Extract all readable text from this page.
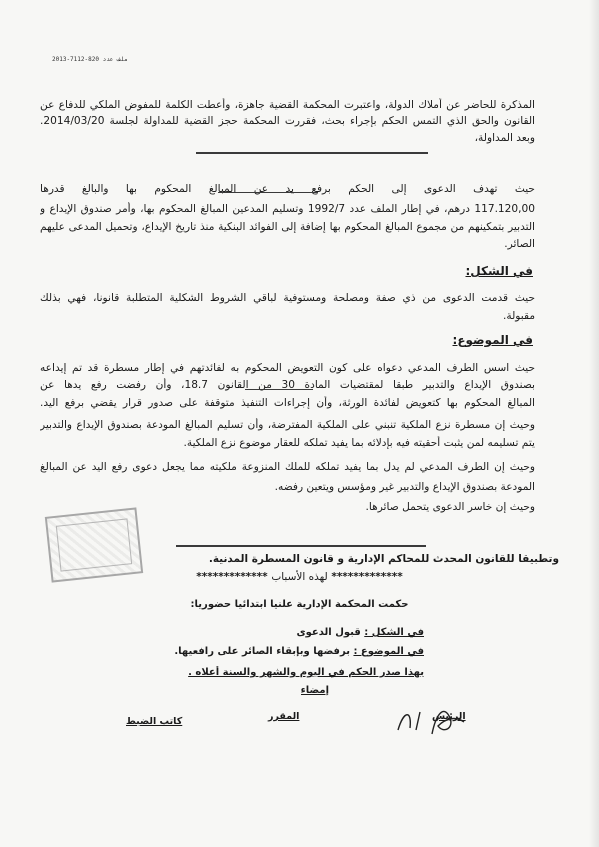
2013-7112-820 ملف عدد
المذكرة للحاضر عن أملاك الدولة، واعتبرت المحكمة القضية جاهزة، وأعطت الكلمة للمفوض الملكي للدفاع عن
القانون والحق الذي التمس الحكم بإجراء بحث، فقررت المحكمة حجز القضية للمداولة لجلسة 2014/03/20.
وبعد المداولة،
حيث تهدف الدعوى إلى الحكم برفع يد عن المبالغ المحكوم بها والبالغ قدرها
117.120,00 درهم، في إطار الملف عدد 1992/7 وتسليم المدعين المبالغ المحكوم بها، وأمر صندوق الإيداع و
التدبير بتمكينهم من مجموع المبالغ المحكوم بها إضافة إلى الفوائد البنكية منذ تاريخ الإيداع، وتحميل المدعى عليهم
الصائر.
في الشكل:
حيث قدمت الدعوى من ذي صفة ومصلحة ومستوفية لباقي الشروط الشكلية المتطلبة قانونا، فهي بذلك
مقبولة.
في الموضوع:
حيث اسس الطرف المدعي دعواه على كون التعويض المحكوم به لفائدتهم في إطار مسطرة قد تم إيداعه
بصندوق الإيداع والتدبير طبقا لمقتضيات المادة 30 من القانون 18.7، وأن رفضت رفع يدها عن
المبالغ المحكوم بها كتعويض لفائدة الورثة، وأن إجراءات التنفيذ متوقفة على صدور قرار يقضي برفع اليد.
وحيث إن مسطرة نزع الملكية تنبني على الملكية المفترضة، وأن تسليم المبالغ المودعة بصندوق الإيداع والتدبير
يتم تسليمه لمن يثبت أحقيته فيه بإدلائه بما يفيد تملكه للعقار موضوع نزع الملكية.
وحيث إن الطرف المدعي لم يدل بما يفيد تملكه للملك المنزوعة ملكيته مما يجعل دعوى رفع اليد عن المبالغ
المودعة بصندوق الإيداع والتدبير غير ومؤسس ويتعين رفضه.
وحيث إن خاسر الدعوى يتحمل صائرها.
وتطبيقا للقانون المحدث للمحاكم الإدارية و قانون المسطرة المدنية.
************* لهذه الأسباب *************
حكمت المحكمة الإدارية علنيا ابتدائيا حضوريا:
في الشكل : قبول الدعوى
في الموضوع : برفضها وبإبقاء الصائر على رافعيها.
بهذا صدر الحكم في اليوم والشهر والسنة أعلاه .
إمضاء
الرئيس
المقرر
كاتب الضبط
